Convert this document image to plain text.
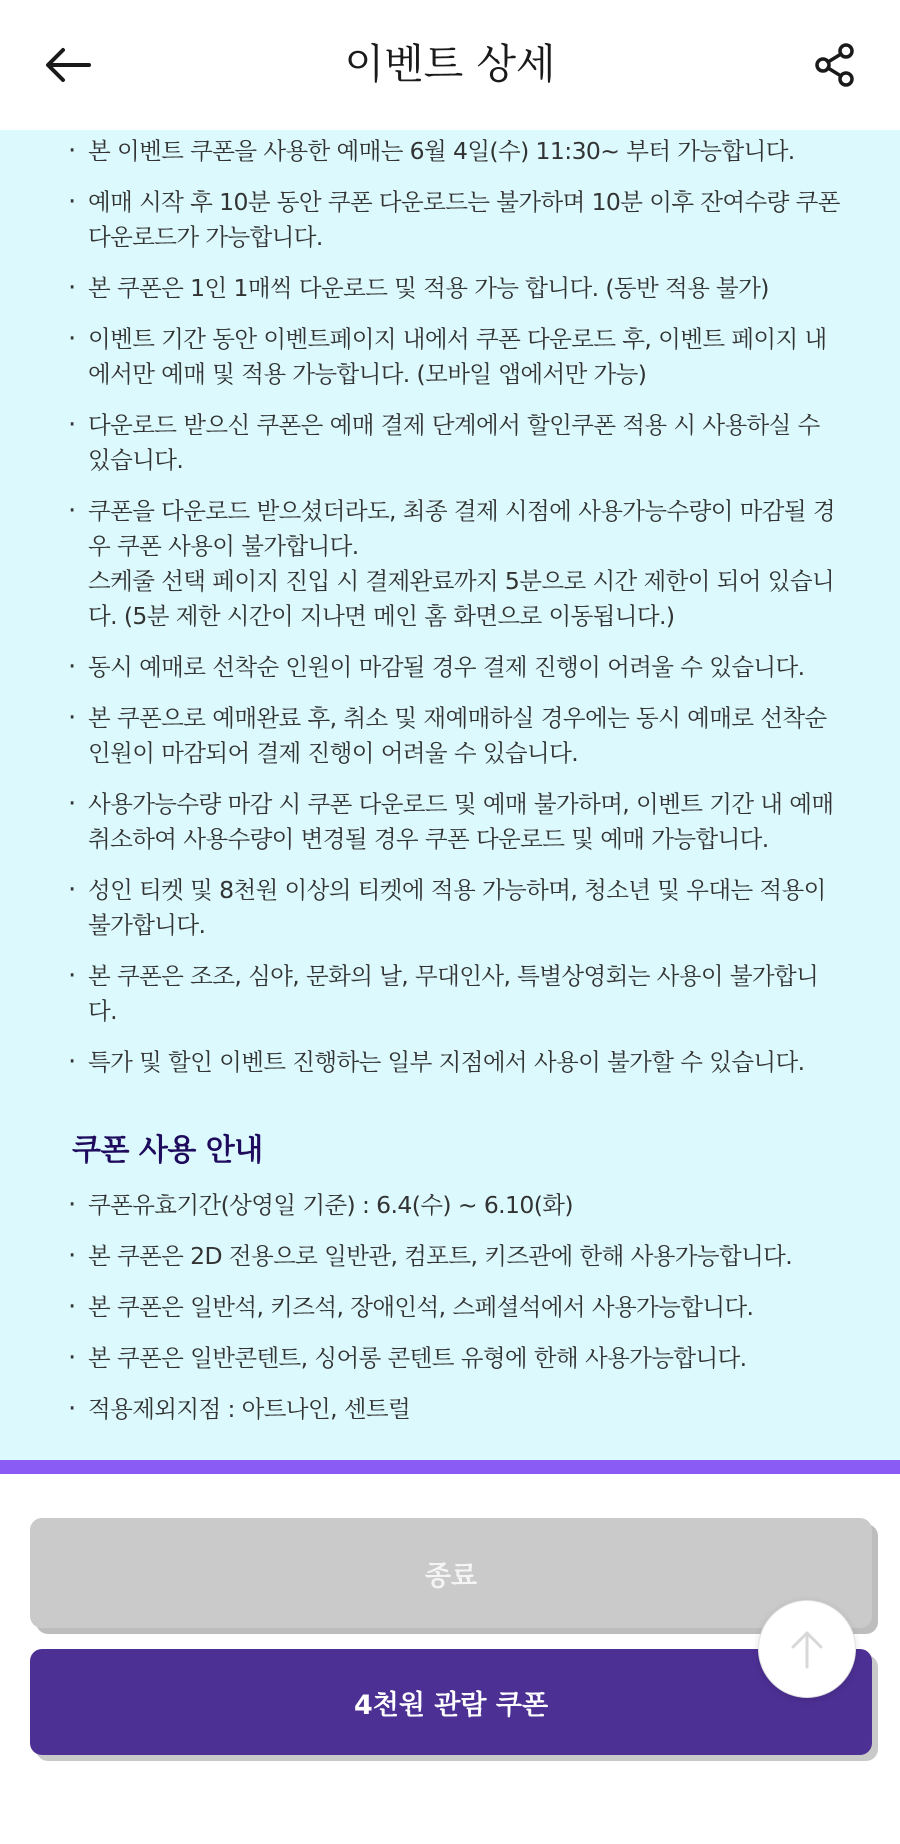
이벤트 상세
· 본 이벤트 쿠폰을 사용한 예매는 6월 4일(수) 11:30~ 부터 가능합니다.
· 예매 시작 후 10분 동안 쿠폰 다운로드는 불가하며 10분 이후 잔여수량 쿠폰 다운로드가 가능합니다.
· 본 쿠폰은 1인 1매씩 다운로드 및 적용 가능 합니다. (동반 적용 불가)
· 이벤트 기간 동안 이벤트페이지 내에서 쿠폰 다운로드 후, 이벤트 페이지 내에서만 예매 및 적용 가능합니다. (모바일 앱에서만 가능)
· 다운로드 받으신 쿠폰은 예매 결제 단계에서 할인쿠폰 적용 시 사용하실 수 있습니다.
· 쿠폰을 다운로드 받으셨더라도, 최종 결제 시점에 사용가능수량이 마감될 경우 쿠폰 사용이 불가합니다.
스케줄 선택 페이지 진입 시 결제완료까지 5분으로 시간 제한이 되어 있습니다. (5분 제한 시간이 지나면 메인 홈 화면으로 이동됩니다.)
· 동시 예매로 선착순 인원이 마감될 경우 결제 진행이 어려울 수 있습니다.
· 본 쿠폰으로 예매완료 후, 취소 및 재예매하실 경우에는 동시 예매로 선착순 인원이 마감되어 결제 진행이 어려울 수 있습니다.
· 사용가능수량 마감 시 쿠폰 다운로드 및 예매 불가하며, 이벤트 기간 내 예매 취소하여 사용수량이 변경될 경우 쿠폰 다운로드 및 예매 가능합니다.
· 성인 티켓 및 8천원 이상의 티켓에 적용 가능하며, 청소년 및 우대는 적용이 불가합니다.
· 본 쿠폰은 조조, 심야, 문화의 날, 무대인사, 특별상영회는 사용이 불가합니다.
· 특가 및 할인 이벤트 진행하는 일부 지점에서 사용이 불가할 수 있습니다.
쿠폰 사용 안내
· 쿠폰유효기간(상영일 기준) : 6.4(수) ~ 6.10(화)
· 본 쿠폰은 2D 전용으로 일반관, 컴포트, 키즈관에 한해 사용가능합니다.
· 본 쿠폰은 일반석, 키즈석, 장애인석, 스페셜석에서 사용가능합니다.
· 본 쿠폰은 일반콘텐트, 싱어롱 콘텐트 유형에 한해 사용가능합니다.
· 적용제외지점 : 아트나인, 센트럴
종료
4천원 관람 쿠폰
